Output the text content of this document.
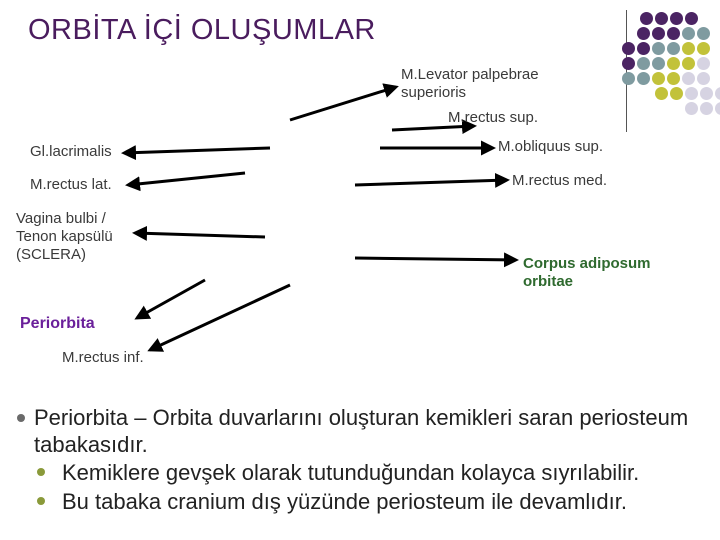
ORBİTA İÇİ OLUŞUMLAR
M.Levator palpebrae
superioris
M.rectus sup.
Gl.lacrimalis	M.obliquus sup.
M.rectus lat.	M.rectus med.
Vagina bulbi /
Tenon kapsülü
(SCLERA)
Corpus adiposum
orbitae
Periorbita
M.rectus inf.
Periorbita – Orbita duvarlarını oluşturan kemikleri saran periosteum tabakasıdır.
Kemiklere gevşek olarak tutunduğundan kolayca sıyrılabilir.
Bu tabaka cranium dış yüzünde periosteum ile devamlıdır.
